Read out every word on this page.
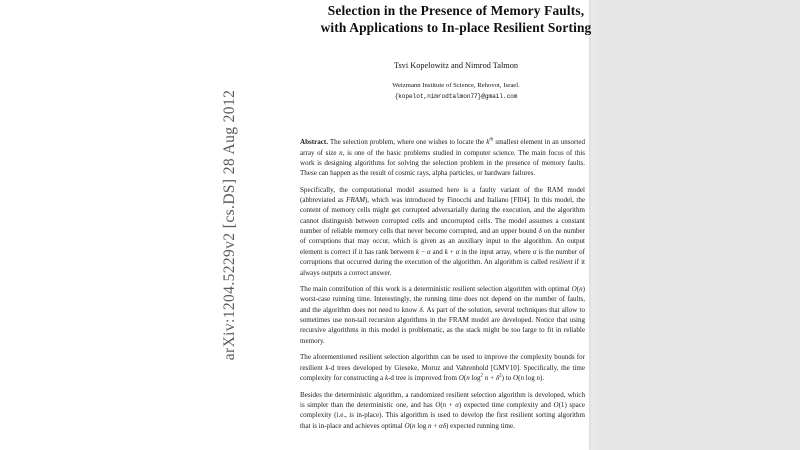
arXiv:1204.5229v2 [cs.DS] 28 Aug 2012
Selection in the Presence of Memory Faults,
with Applications to In-place Resilient Sorting
Tsvi Kopelowitz and Nimrod Talmon
Weizmann Institute of Science, Rehovot, Israel.
{kopelot,nimrodtalmon77}@gmail.com

Abstract. The selection problem, where one wishes to locate the $k^{th}$ smallest element in an unsorted array of size n, is one of the basic problems studied in computer science. The main focus of this work is designing algorithms for solving the selection problem in the presence of memory faults. These can happen as the result of cosmic rays, alpha particles, or hardware failures.

Specifically, the computational model assumed here is a faulty variant of the RAM model (abbreviated as FRAM), which was introduced by Finocchi and Italiano [FI04]. In this model, the content of memory cells might get corrupted adversarially during the execution, and the algorithm cannot distinguish between corrupted cells and uncorrupted cells. The model assumes a constant number of reliable memory cells that never become corrupted, and an upper bound δ on the number of corruptions that may occur, which is given as an auxiliary input to the algorithm. An output element is correct if it has rank between k − α and k + α in the input array, where α is the number of corruptions that occurred during the execution of the algorithm. An algorithm is called resilient if it always outputs a correct answer.

The main contribution of this work is a deterministic resilient selection algorithm with optimal O(n) worst-case running time. Interestingly, the running time does not depend on the number of faults, and the algorithm does not need to know δ. As part of the solution, several techniques that allow to sometimes use non-tail recursion algorithms in the FRAM model are developed. Notice that using recursive algorithms in this model is problematic, as the stack might be too large to fit in reliable memory.

The aforementioned resilient selection algorithm can be used to improve the complexity bounds for resilient k-d trees developed by Gieseke, Moruz and Vahrenhold [GMV10]. Specifically, the time complexity for constructing a k-d tree is improved from O(n $\log^2 n + \delta^2$) to O(n log n).

Besides the deterministic algorithm, a randomized resilient selection algorithm is developed, which is simpler than the deterministic one, and has O(n + α) expected time complexity and O(1) space complexity (i.e., is in-place). This algorithm is used to develop the first resilient sorting algorithm that is in-place and achieves optimal O(n log n + αδ) expected running time.
